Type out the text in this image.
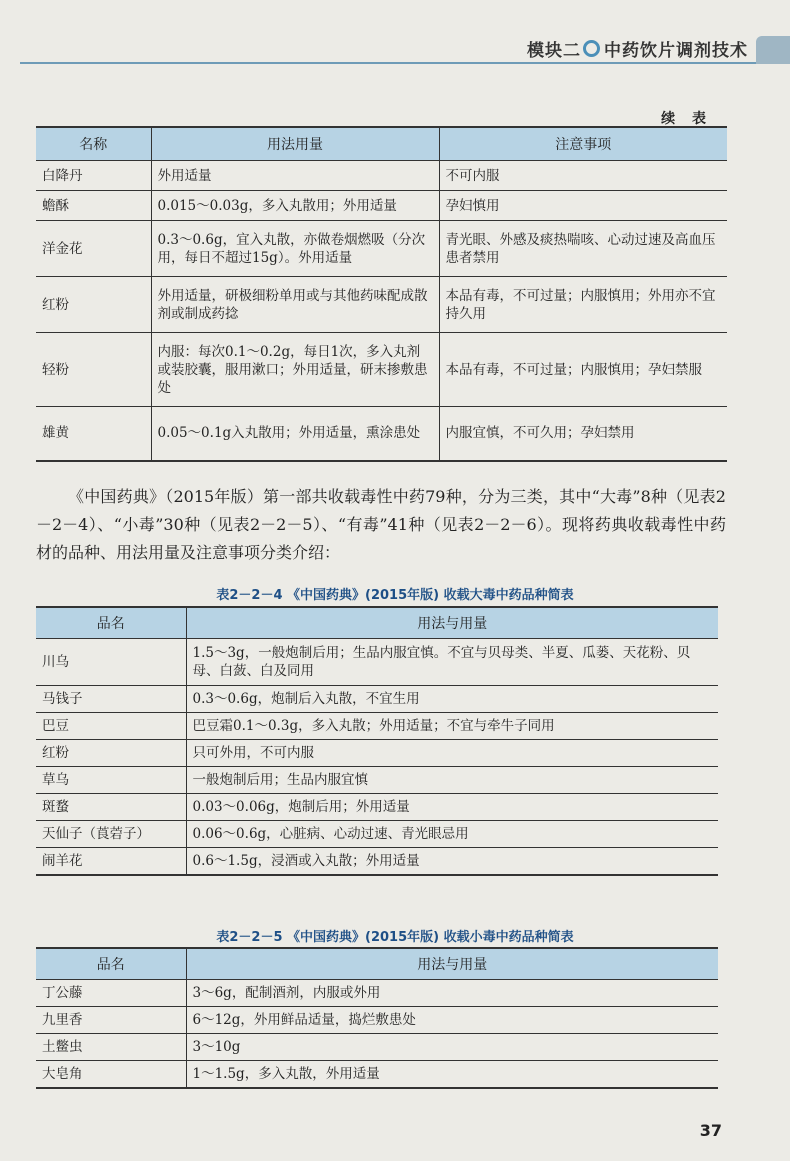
模块二 中药饮片调剂技术
续 表
名称	用法用量	注意事项
白降丹	外用适量	不可内服
蟾酥	0.015～0.03g，多入丸散用；外用适量	孕妇慎用
洋金花	0.3～0.6g，宜入丸散，亦做卷烟燃吸（分次用，每日不超过15g）。外用适量	青光眼、外感及痰热喘咳、心动过速及高血压患者禁用
红粉	外用适量，研极细粉单用或与其他药味配成散剂或制成药捻	本品有毒，不可过量；内服慎用；外用亦不宜持久用
轻粉	内服：每次0.1～0.2g，每日1次，多入丸剂或装胶囊，服用漱口；外用适量，研末掺敷患处	本品有毒，不可过量；内服慎用；孕妇禁服
雄黄	0.05～0.1g入丸散用；外用适量，熏涂患处	内服宜慎，不可久用；孕妇禁用

《中国药典》（2015年版）第一部共收载毒性中药79种，分为三类，其中“大毒”8种（见表2－2－4）、“小毒”30种（见表2－2－5）、“有毒”41种（见表2－2－6）。现将药典收载毒性中药材的品种、用法用量及注意事项分类介绍：

表2－2－4 《中国药典》(2015年版) 收载大毒中药品种简表
品名	用法与用量
川乌	1.5～3g，一般炮制后用；生品内服宜慎。不宜与贝母类、半夏、瓜蒌、天花粉、贝母、白蔹、白及同用
马钱子	0.3～0.6g，炮制后入丸散，不宜生用
巴豆	巴豆霜0.1～0.3g，多入丸散；外用适量；不宜与牵牛子同用
红粉	只可外用，不可内服
草乌	一般炮制后用；生品内服宜慎
斑蝥	0.03～0.06g，炮制后用；外用适量
天仙子（莨菪子）	0.06～0.6g，心脏病、心动过速、青光眼忌用
闹羊花	0.6～1.5g，浸酒或入丸散；外用适量
表2－2－5 《中国药典》(2015年版) 收载小毒中药品种简表
品名	用法与用量
丁公藤	3～6g，配制酒剂，内服或外用
九里香	6～12g，外用鲜品适量，捣烂敷患处
土鳖虫	3～10g
大皂角	1～1.5g，多入丸散，外用适量
37
